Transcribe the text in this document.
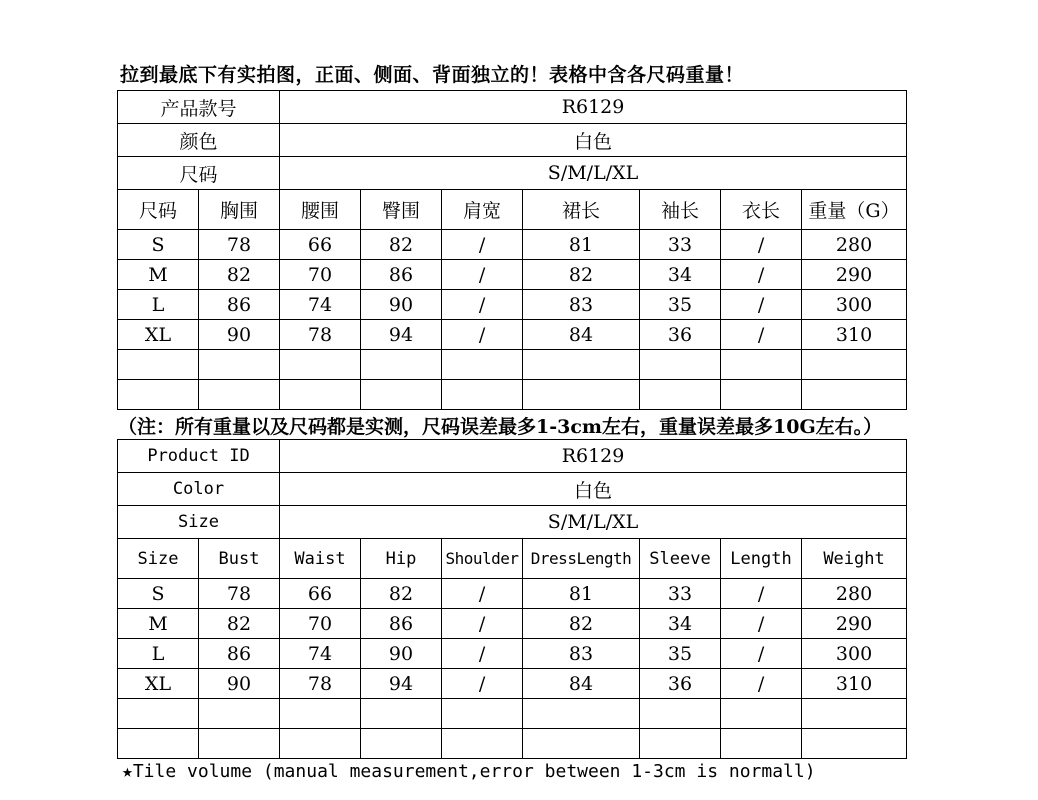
拉到最底下有实拍图，正面、侧面、背面独立的！表格中含各尺码重量！
产品款号		R6129						
颜色		白色						
尺码		S/M/L/XL						
尺码	胸围	腰围	臀围	肩宽	裙长	袖长	衣长	重量（G）
S	78	66	82	/	81	33	/	280
M	82	70	86	/	82	34	/	290
L	86	74	90	/	83	35	/	300
XL	90	78	94	/	84	36	/	310

（注：所有重量以及尺码都是实测，尺码误差最多1-3cm左右，重量误差最多10G左右。）
Product ID		R6129						
Color		白色						
Size		S/M/L/XL						
Size	Bust	Waist	Hip	Shoulder	DressLength	Sleeve	Length	Weight
S	78	66	82	/	81	33	/	280
M	82	70	86	/	82	34	/	290
L	86	74	90	/	83	35	/	300
XL	90	78	94	/	84	36	/	310

★Tile volume (manual measurement,error between 1-3cm is normall)
